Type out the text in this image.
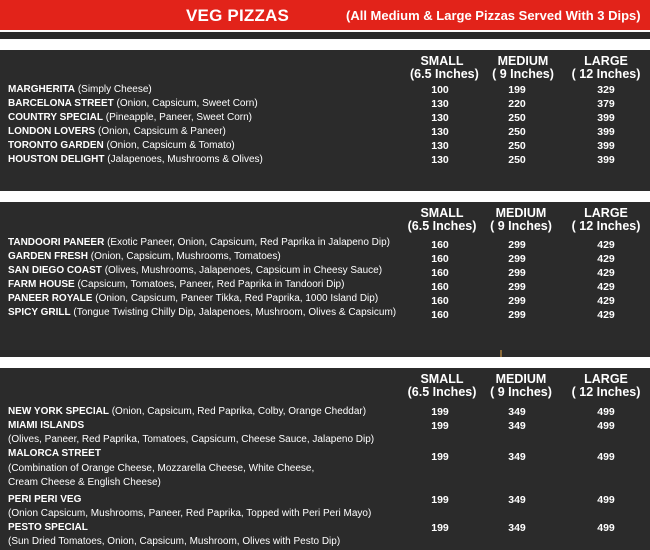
VEG PIZZAS	(All Medium & Large Pizzas Served With 3 Dips)
BASIC CATEGORY
SMALL
(6.5 Inches)
MEDIUM
( 9 Inches)
LARGE
( 12 Inches)
MARGHERITA (Simply Cheese)	100	199	329
BARCELONA STREET (Onion, Capsicum, Sweet Corn)	130	220	379
COUNTRY SPECIAL (Pineapple, Paneer, Sweet Corn)	130	250	399
LONDON LOVERS (Onion, Capsicum & Paneer)	130	250	399
TORONTO GARDEN (Onion, Capsicum & Tomato)	130	250	399
HOUSTON DELIGHT (Jalapenoes, Mushrooms & Olives)	130	250	399
TRADITIONAL CATEGORY
SMALL
(6.5 Inches)
MEDIUM
( 9 Inches)
LARGE
( 12 Inches)
TANDOORI PANEER (Exotic Paneer, Onion, Capsicum, Red Paprika in Jalapeno Dip)	160	299	429
GARDEN FRESH (Onion, Capsicum, Mushrooms, Tomatoes)	160	299	429
SAN DIEGO COAST (Olives, Mushrooms, Jalapenoes, Capsicum in Cheesy Sauce)	160	299	429
FARM HOUSE (Capsicum, Tomatoes, Paneer, Red Paprika in Tandoori Dip)	160	299	429
PANEER ROYALE (Onion, Capsicum, Paneer Tikka, Red Paprika, 1000 Island Dip)	160	299	429
SPICY GRILL (Tongue Twisting Chilly Dip, Jalapenoes, Mushroom, Olives & Capsicum)	160	299	429
GOURMET CATEGORY
SMALL
(6.5 Inches)
MEDIUM
( 9 Inches)
LARGE
( 12 Inches)
NEW YORK SPECIAL (Onion, Capsicum, Red Paprika, Colby, Orange Cheddar)	199	349	499
MIAMI ISLANDS
(Olives, Paneer, Red Paprika, Tomatoes, Capsicum, Cheese Sauce, Jalapeno Dip)
199	349	499
MALORCA STREET
(Combination of Orange Cheese, Mozzarella Cheese, White Cheese,
Cream Cheese & English Cheese)
199	349	499
PERI PERI VEG
(Onion Capsicum, Mushrooms, Paneer, Red Paprika, Topped with Peri Peri Mayo)
199	349	499
PESTO SPECIAL
(Sun Dried Tomatoes, Onion, Capsicum, Mushroom, Olives with Pesto Dip)
199	349	499
